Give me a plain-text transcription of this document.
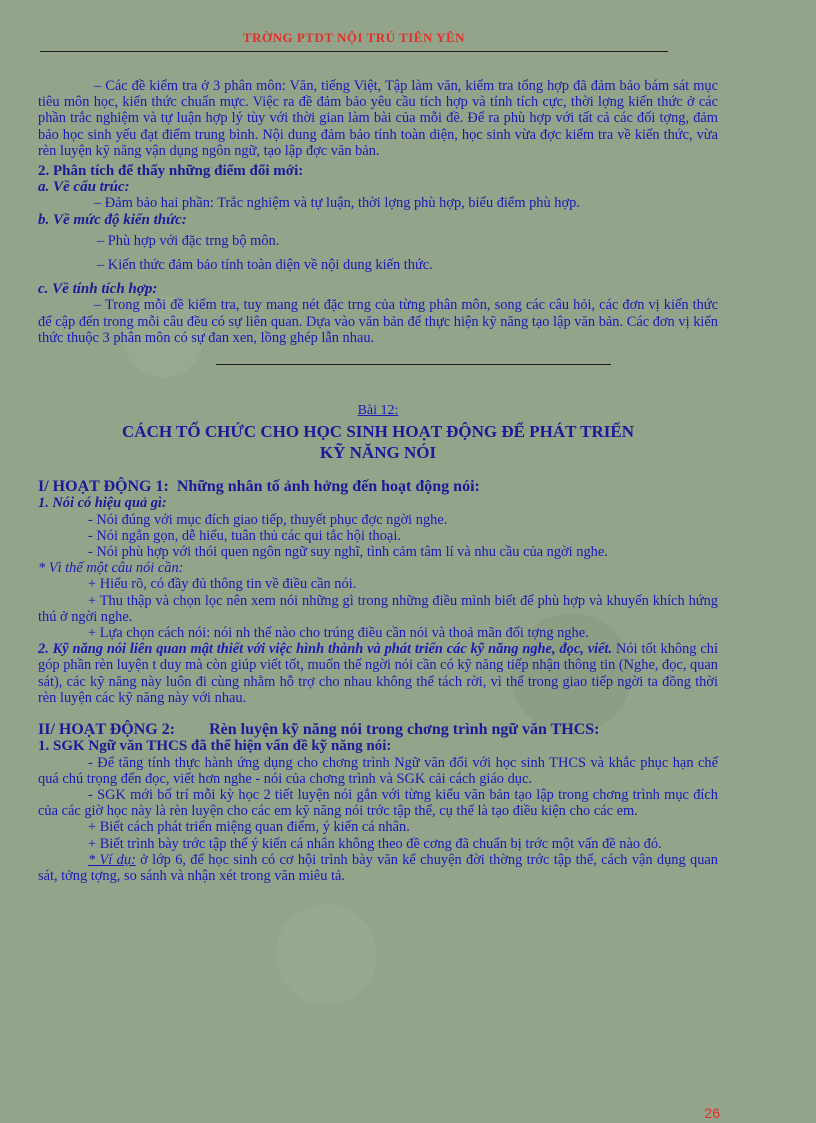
TRỜNG PTDT NỘI TRÚ TIÊN YÊN

– Các đề kiểm tra ở 3 phân môn: Văn, tiếng Việt, Tập làm văn, kiểm tra tổng hợp đã đảm bảo bám sát mục tiêu môn học, kiến thức chuẩn mực. Việc ra đề đảm bảo yêu cầu tích hợp và tính tích cực, thời lợng kiến thức ở các phần trắc nghiệm và tự luận hợp lý tùy với thời gian làm bài của mỗi đề. Để ra phù hợp với tất cả các đối tợng, đảm bảo học sinh yếu đạt điểm trung bình. Nội dung đảm bảo tính toàn diện, học sinh vừa đợc kiểm tra về kiến thức, vừa rèn luyện kỹ năng vận dụng ngôn ngữ, tạo lập đợc văn bản.

2. Phân tích để thấy những điểm đổi mới:

a. Về cấu trúc:

– Đảm bảo hai phần: Trắc nghiệm và tự luận, thời lợng phù hợp, biểu điểm phù hợp.

b. Về mức độ kiến thức:

– Phù hợp với đặc trng bộ môn.

– Kiến thức đảm bảo tính toàn diện về nội dung kiến thức.

c. Về tính tích hợp:

– Trong mỗi đề kiểm tra, tuy mang nét đặc trng của từng phân môn, song các câu hỏi, các đơn vị kiến thức để cập đến trong mỗi câu đều có sự liên quan. Dựa vào văn bản để thực hiện kỹ năng tạo lập văn bản. Các đơn vị kiến thức thuộc 3 phân môn có sự đan xen, lồng ghép lẫn nhau.

Bài 12:

CÁCH TỔ CHỨC CHO HỌC SINH HOẠT ĐỘNG ĐỂ PHÁT TRIỂN

KỸ NĂNG NÓI

I/ HOẠT ĐỘNG 1: Những nhân tố ảnh hởng đến hoạt động nói:

1. Nói có hiệu quả gì:

- Nói đúng với mục đích giao tiếp, thuyết phục đợc ngời nghe.

- Nói ngắn gọn, dễ hiểu, tuân thủ các qui tắc hội thoại.

- Nói phù hợp với thói quen ngôn ngữ suy nghĩ, tình cảm tâm lí và nhu cầu của ngời nghe.

* Vì thế một câu nói cần:

+ Hiểu rõ, có đầy đủ thông tin về điều cần nói.

+ Thu thập và chọn lọc nên xem nói những gì trong những điều mình biết để phù hợp và khuyến khích hứng thú ở ngời nghe.

+ Lựa chọn cách nói: nói nh thế nào cho trúng điều cần nói và thoả mãn đối tợng nghe.

2. Kỹ năng nói liên quan mật thiết với việc hình thành và phát triển các kỹ năng nghe, đọc, viết. Nói tốt không chỉ góp phần rèn luyện t duy mà còn giúp viết tốt, muốn thế ngời nói cần có kỹ năng tiếp nhận thông tin (Nghe, đọc, quan sát), các kỹ năng này luôn đi cùng nhằm hỗ trợ cho nhau không thể tách rời, vì thế trong giao tiếp ngời ta đồng thời rèn luyện các kỹ năng này với nhau.

II/ HOẠT ĐỘNG 2: Rèn luyện kỹ năng nói trong chơng trình ngữ văn THCS:

1. SGK Ngữ văn THCS đã thể hiện vấn đề kỹ năng nói:

- Để tăng tính thực hành ứng dụng cho chơng trình Ngữ văn đối với học sinh THCS và khắc phục hạn chế quá chú trọng đến đọc, viết hơn nghe - nói của chơng trình và SGK cải cách giáo dục.

- SGK mới bố trí mỗi kỳ học 2 tiết luyện nói gắn với từng kiểu văn bản tạo lập trong chơng trình mục đích của các giờ học này là rèn luyện cho các em kỹ năng nói trớc tập thể, cụ thể là tạo điều kiện cho các em.

+ Biết cách phát triển miệng quan điểm, ý kiến cá nhân.

+ Biết trình bày trớc tập thể ý kiến cá nhân không theo đề cơng đã chuẩn bị trớc một vấn đề nào đó.

* Ví dụ: ở lớp 6, để học sinh có cơ hội trình bày văn kể chuyện đời thờng trớc tập thể, cách vận dụng quan sát, tởng tợng, so sánh và nhận xét trong văn miêu tả.

26
